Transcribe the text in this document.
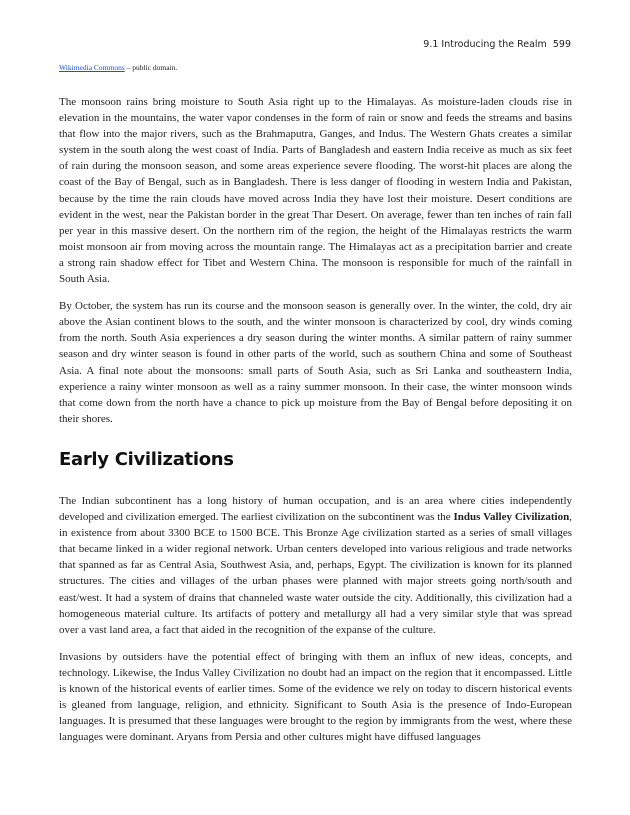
9.1 Introducing the Realm 599
Wikimedia Commons – public domain.

The monsoon rains bring moisture to South Asia right up to the Himalayas. As moisture-laden clouds rise in elevation in the mountains, the water vapor condenses in the form of rain or snow and feeds the streams and basins that flow into the major rivers, such as the Brahmaputra, Ganges, and Indus. The Western Ghats creates a similar system in the south along the west coast of India. Parts of Bangladesh and eastern India receive as much as six feet of rain during the monsoon season, and some areas experience severe flooding. The worst-hit places are along the coast of the Bay of Bengal, such as in Bangladesh. There is less danger of flooding in western India and Pakistan, because by the time the rain clouds have moved across India they have lost their moisture. Desert conditions are evident in the west, near the Pakistan border in the great Thar Desert. On average, fewer than ten inches of rain fall per year in this massive desert. On the northern rim of the region, the height of the Himalayas restricts the warm moist monsoon air from moving across the mountain range. The Himalayas act as a precipitation barrier and create a strong rain shadow effect for Tibet and Western China. The monsoon is responsible for much of the rainfall in South Asia.

By October, the system has run its course and the monsoon season is generally over. In the winter, the cold, dry air above the Asian continent blows to the south, and the winter monsoon is characterized by cool, dry winds coming from the north. South Asia experiences a dry season during the winter months. A similar pattern of rainy summer season and dry winter season is found in other parts of the world, such as southern China and some of Southeast Asia. A final note about the monsoons: small parts of South Asia, such as Sri Lanka and southeastern India, experience a rainy winter monsoon as well as a rainy summer monsoon. In their case, the winter monsoon winds that come down from the north have a chance to pick up moisture from the Bay of Bengal before depositing it on their shores.

Early Civilizations

The Indian subcontinent has a long history of human occupation, and is an area where cities independently developed and civilization emerged. The earliest civilization on the subcontinent was the Indus Valley Civilization, in existence from about 3300 BCE to 1500 BCE. This Bronze Age civilization started as a series of small villages that became linked in a wider regional network. Urban centers developed into various religious and trade networks that spanned as far as Central Asia, Southwest Asia, and, perhaps, Egypt. The civilization is known for its planned structures. The cities and villages of the urban phases were planned with major streets going north/south and east/west. It had a system of drains that channeled waste water outside the city. Additionally, this civilization had a homogeneous material culture. Its artifacts of pottery and metallurgy all had a very similar style that was spread over a vast land area, a fact that aided in the recognition of the expanse of the culture.

Invasions by outsiders have the potential effect of bringing with them an influx of new ideas, concepts, and technology. Likewise, the Indus Valley Civilization no doubt had an impact on the region that it encompassed. Little is known of the historical events of earlier times. Some of the evidence we rely on today to discern historical events is gleaned from language, religion, and ethnicity. Significant to South Asia is the presence of Indo-European languages. It is presumed that these languages were brought to the region by immigrants from the west, where these languages were dominant. Aryans from Persia and other cultures might have diffused languages
